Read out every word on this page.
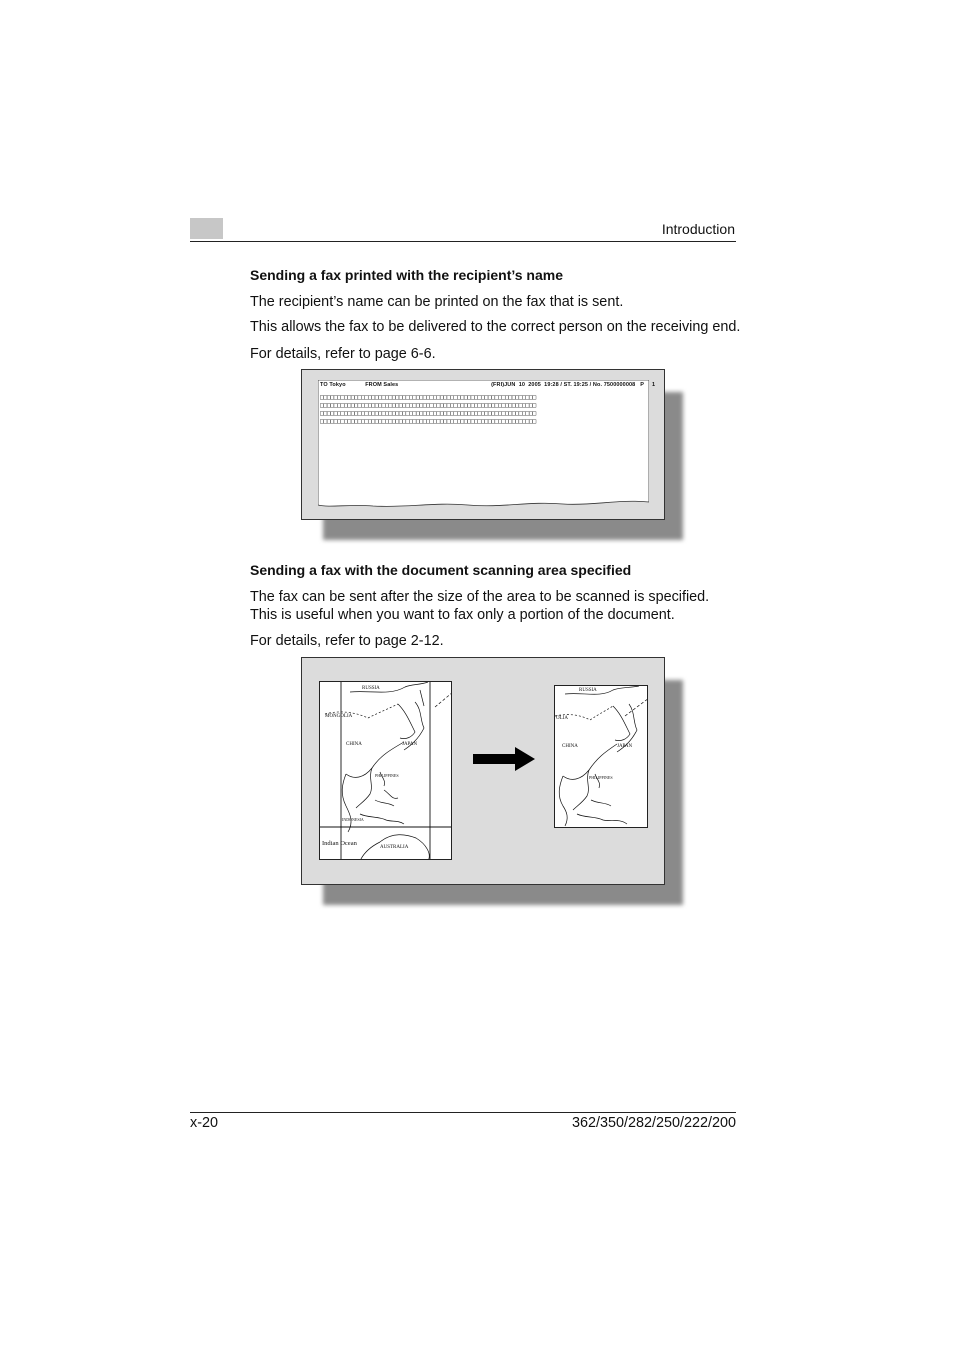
Introduction
Sending a fax printed with the recipient’s name
The recipient’s name can be printed on the fax that is sent.
This allows the fax to be delivered to the correct person on the receiving end.
For details, refer to page 6-6.
TO Tokyo	FROM Sales	(FRI)JUN  10  2005  19:28 / ST. 19:25 / No. 7500000008   P     1
□□□□□□□□□□□□□□□□□□□□□□□□□□□□□□□□□□□□□□□□□□□□□□□□□□□□□□□□□□□□□□□
□□□□□□□□□□□□□□□□□□□□□□□□□□□□□□□□□□□□□□□□□□□□□□□□□□□□□□□□□□□□□□□
□□□□□□□□□□□□□□□□□□□□□□□□□□□□□□□□□□□□□□□□□□□□□□□□□□□□□□□□□□□□□□□
□□□□□□□□□□□□□□□□□□□□□□□□□□□□□□□□□□□□□□□□□□□□□□□□□□□□□□□□□□□□□□□
Sending a fax with the document scanning area specified
The fax can be sent after the size of the area to be scanned is specified. This is useful when you want to fax only a portion of the document.
For details, refer to page 2-12.
RUSSIA
MONGOLIA
CHINA	JAPAN
PHILIPPINES
INDONESIA
Indian Ocean
AUSTRALIA
RUSSIA
OLIA
CHINA	JAPAN
PHILIPPINES
x-20	362/350/282/250/222/200
